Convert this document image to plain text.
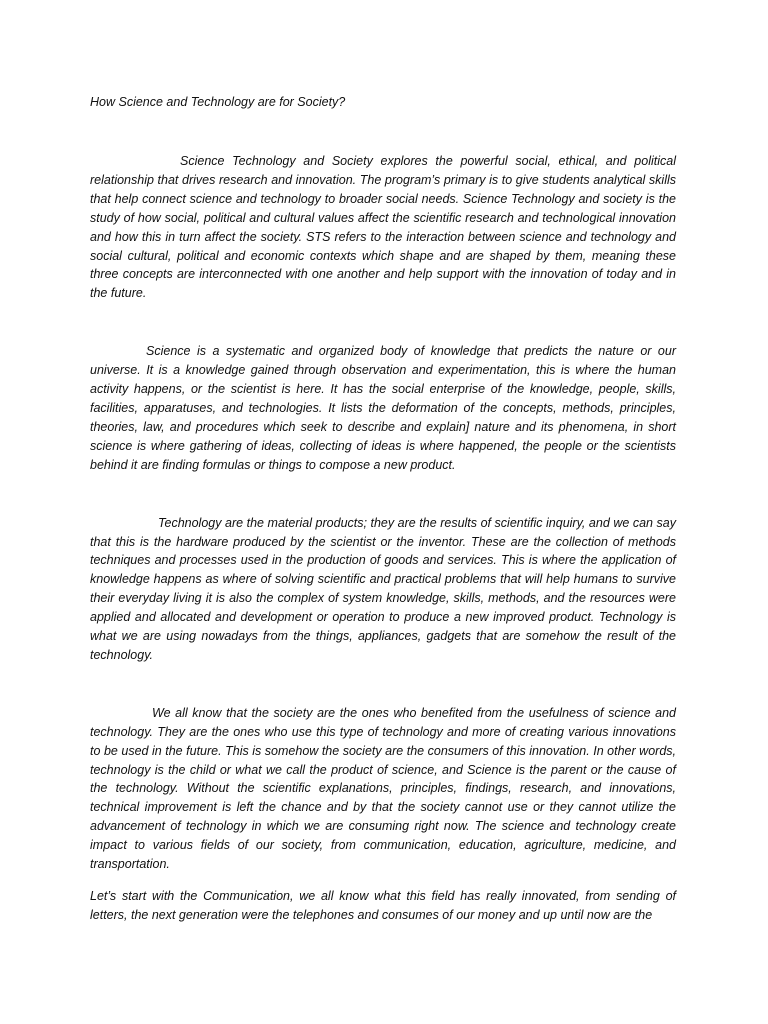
How Science and Technology are for Society?

Science Technology and Society explores the powerful social, ethical, and political relationship that drives research and innovation. The program’s primary is to give students analytical skills that help connect science and technology to broader social needs. Science Technology and society is the study of how social, political and cultural values affect the scientific research and technological innovation and how this in turn affect the society. STS refers to the interaction between science and technology and social cultural, political and economic contexts which shape and are shaped by them, meaning these three concepts are interconnected with one another and help support with the innovation of today and in the future.

Science is a systematic and organized body of knowledge that predicts the nature or our universe. It is a knowledge gained through observation and experimentation, this is where the human activity happens, or the scientist is here. It has the social enterprise of the knowledge, people, skills, facilities, apparatuses, and technologies. It lists the deformation of the concepts, methods, principles, theories, law, and procedures which seek to describe and explain] nature and its phenomena, in short science is where gathering of ideas, collecting of ideas is where happened, the people or the scientists behind it are finding formulas or things to compose a new product.

Technology are the material products; they are the results of scientific inquiry, and we can say that this is the hardware produced by the scientist or the inventor. These are the collection of methods techniques and processes used in the production of goods and services. This is where the application of knowledge happens as where of solving scientific and practical problems that will help humans to survive their everyday living it is also the complex of system knowledge, skills, methods, and the resources were applied and allocated and development or operation to produce a new improved product. Technology is what we are using nowadays from the things, appliances, gadgets that are somehow the result of the technology.

We all know that the society are the ones who benefited from the usefulness of science and technology. They are the ones who use this type of technology and more of creating various innovations to be used in the future. This is somehow the society are the consumers of this innovation. In other words, technology is the child or what we call the product of science, and Science is the parent or the cause of the technology. Without the scientific explanations, principles, findings, research, and innovations, technical improvement is left the chance and by that the society cannot use or they cannot utilize the advancement of technology in which we are consuming right now. The science and technology create impact to various fields of our society, from communication, education, agriculture, medicine, and transportation.

Let’s start with the Communication, we all know what this field has really innovated, from sending of letters, the next generation were the telephones and consumes of our money and up until now are the
